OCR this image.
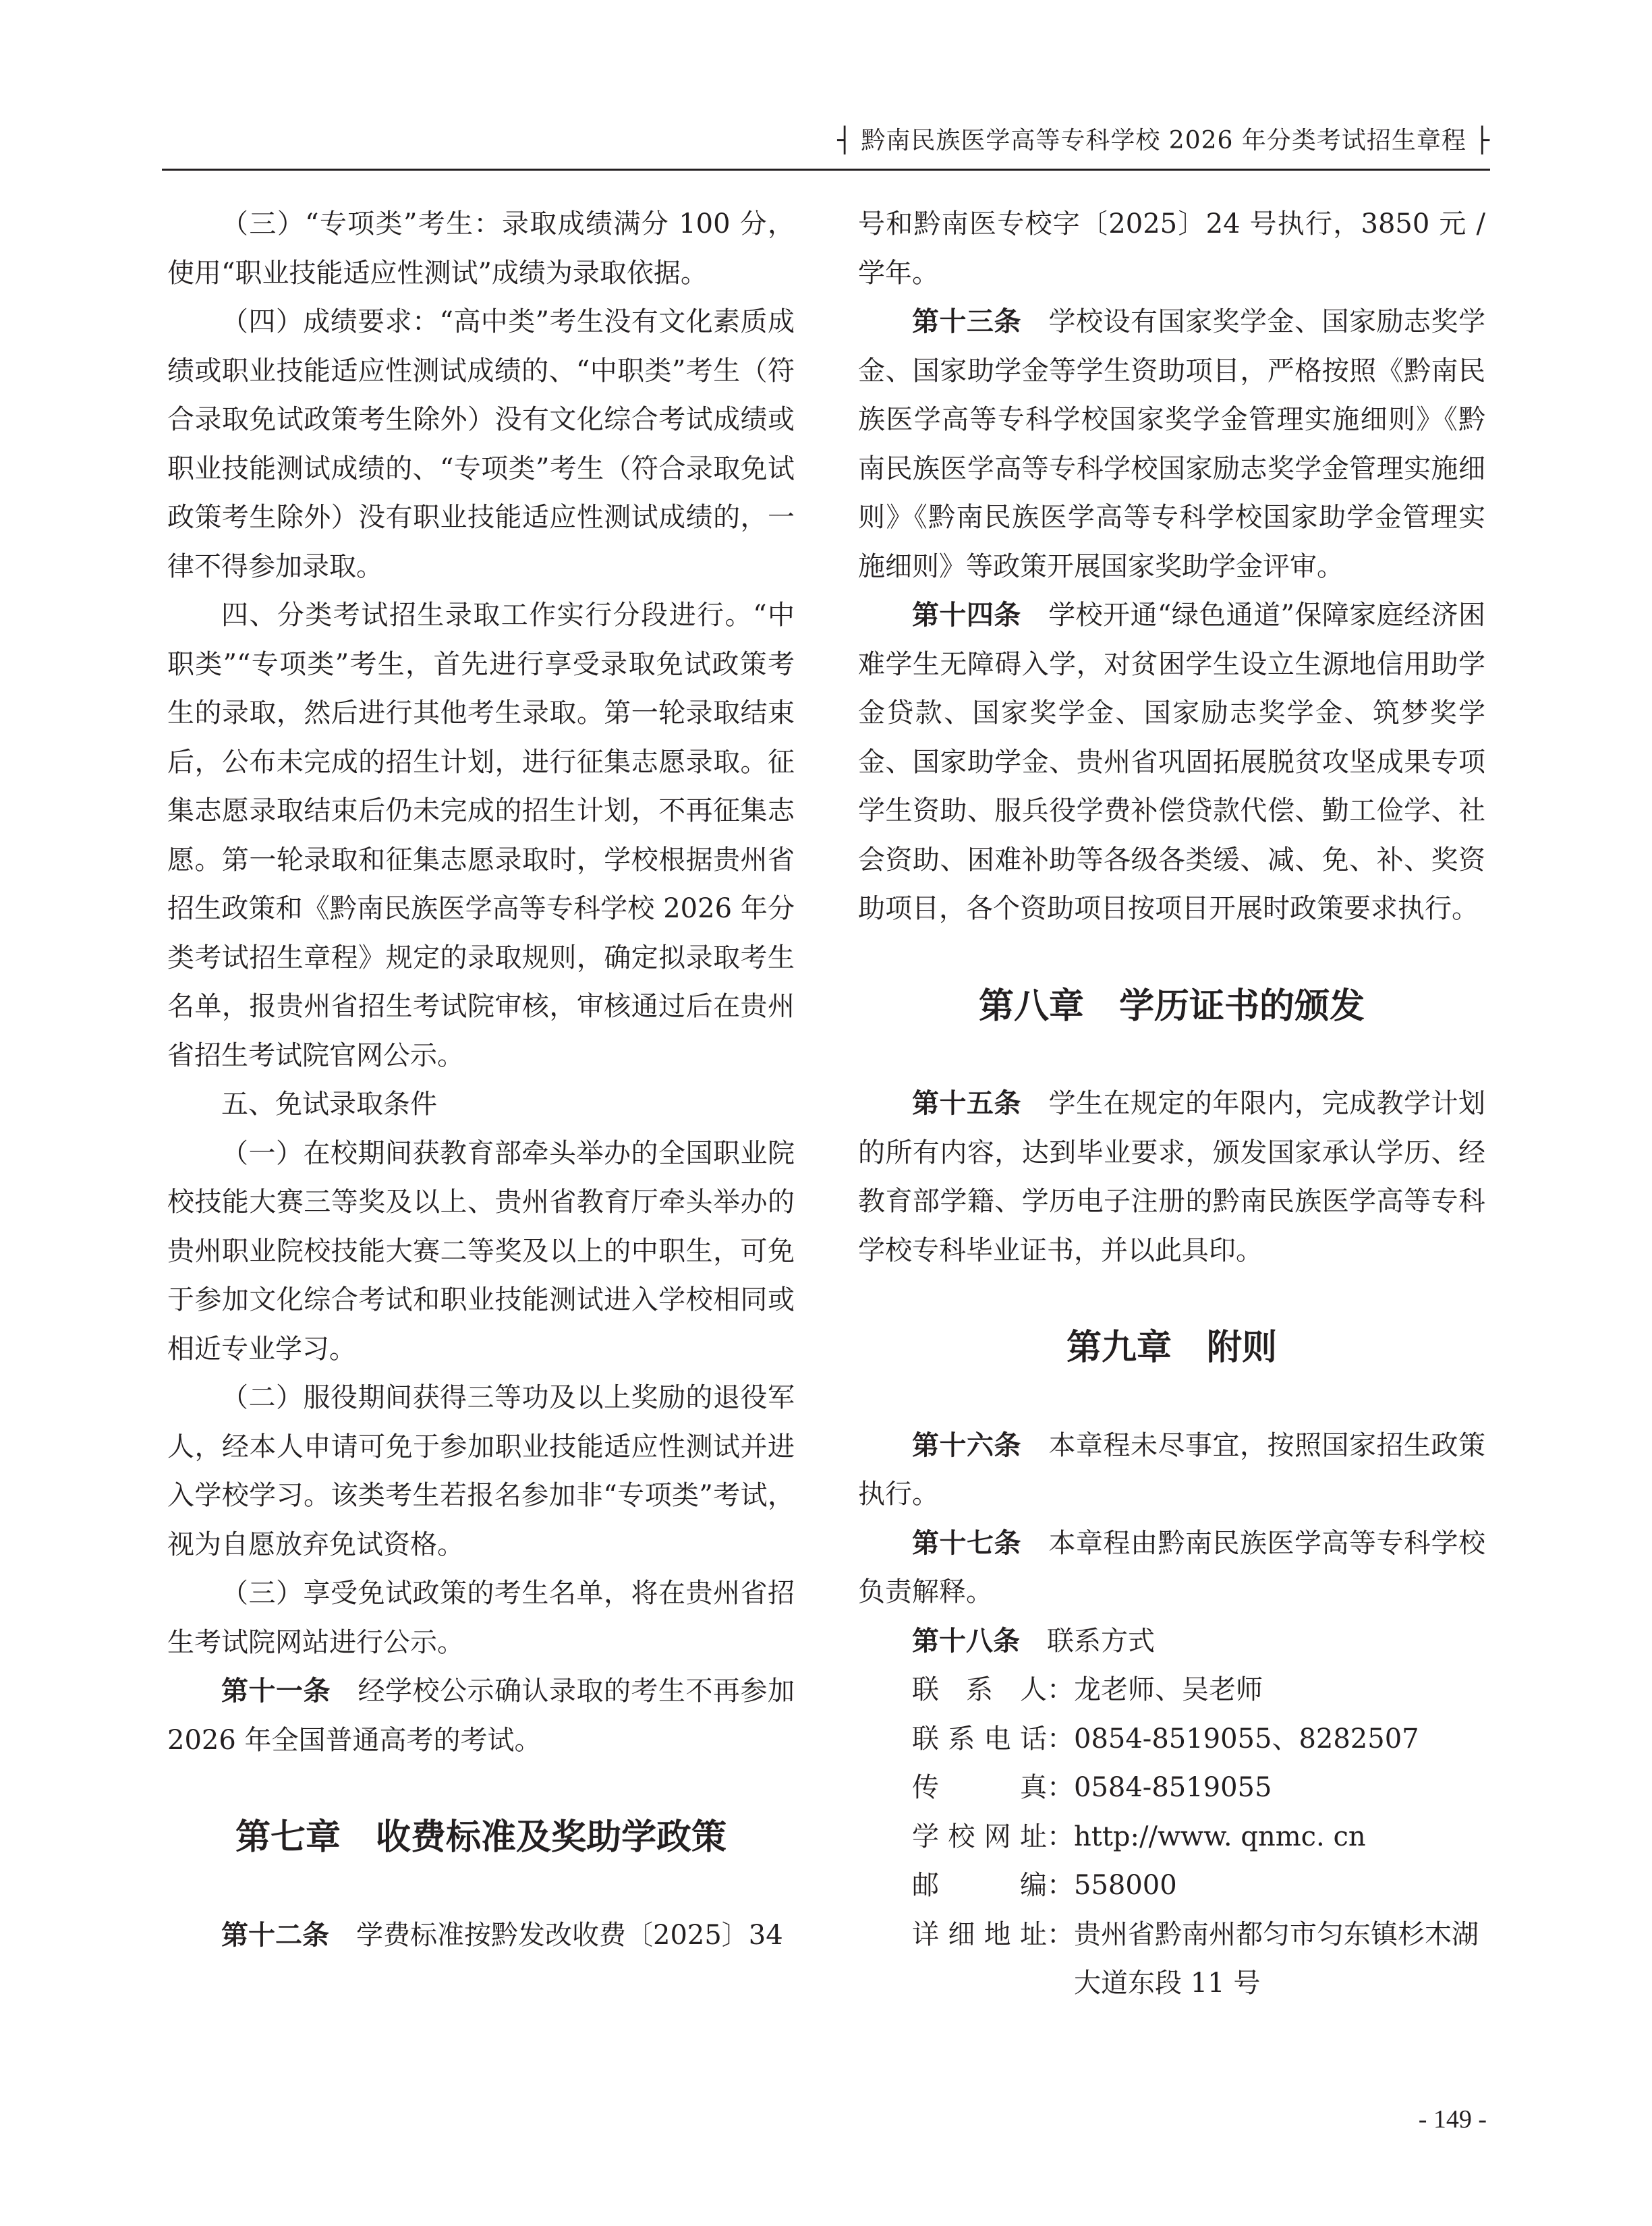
┤ 黔南民族医学高等专科学校 2026 年分类考试招生章程 ├

（三）“专项类”考生：录取成绩满分 100 分，使用“职业技能适应性测试”成绩为录取依据。

（四）成绩要求：“高中类”考生没有文化素质成绩或职业技能适应性测试成绩的、“中职类”考生（符合录取免试政策考生除外）没有文化综合考试成绩或职业技能测试成绩的、“专项类”考生（符合录取免试政策考生除外）没有职业技能适应性测试成绩的，一律不得参加录取。

四、分类考试招生录取工作实行分段进行。“中职类”“专项类”考生，首先进行享受录取免试政策考生的录取，然后进行其他考生录取。第一轮录取结束后，公布未完成的招生计划，进行征集志愿录取。征集志愿录取结束后仍未完成的招生计划，不再征集志愿。第一轮录取和征集志愿录取时，学校根据贵州省招生政策和《黔南民族医学高等专科学校 2026 年分类考试招生章程》规定的录取规则，确定拟录取考生名单，报贵州省招生考试院审核，审核通过后在贵州省招生考试院官网公示。

五、免试录取条件

（一）在校期间获教育部牵头举办的全国职业院校技能大赛三等奖及以上、贵州省教育厅牵头举办的贵州职业院校技能大赛二等奖及以上的中职生，可免于参加文化综合考试和职业技能测试进入学校相同或相近专业学习。

（二）服役期间获得三等功及以上奖励的退役军人，经本人申请可免于参加职业技能适应性测试并进入学校学习。该类考生若报名参加非“专项类”考试，视为自愿放弃免试资格。

（三）享受免试政策的考生名单，将在贵州省招生考试院网站进行公示。

第十一条　 经学校公示确认录取的考生不再参加 2026 年全国普通高考的考试。

第七章　收费标准及奖助学政策

第十二条　 学费标准按黔发改收费〔2025〕34

号和黔南医专校字〔2025〕24 号执行，3850 元 / 学年。

第十三条　 学校设有国家奖学金、国家励志奖学金、国家助学金等学生资助项目，严格按照《黔南民族医学高等专科学校国家奖学金管理实施细则》《黔南民族医学高等专科学校国家励志奖学金管理实施细则》《黔南民族医学高等专科学校国家助学金管理实施细则》等政策开展国家奖助学金评审。

第十四条　 学校开通“绿色通道”保障家庭经济困难学生无障碍入学，对贫困学生设立生源地信用助学金贷款、国家奖学金、国家励志奖学金、筑梦奖学金、国家助学金、贵州省巩固拓展脱贫攻坚成果专项学生资助、服兵役学费补偿贷款代偿、勤工俭学、社会资助、困难补助等各级各类缓、减、免、补、奖资助项目，各个资助项目按项目开展时政策要求执行。

第八章　学历证书的颁发

第十五条　 学生在规定的年限内，完成教学计划的所有内容，达到毕业要求，颁发国家承认学历、经教育部学籍、学历电子注册的黔南民族医学高等专科学校专科毕业证书，并以此具印。

第九章　附则

第十六条　 本章程未尽事宜，按照国家招生政策执行。

第十七条　 本章程由黔南民族医学高等专科学校负责解释。

第十八条　 联系方式

联系人 ： 龙老师、吴老师

联系电话 ： 0854-8519055、8282507

传真 ： 0584-8519055

学校网址 ： http://www. qnmc. cn

邮编 ： 558000

详细地址 ： 贵州省黔南州都匀市匀东镇杉木湖大道东段 11 号

- 149 -
